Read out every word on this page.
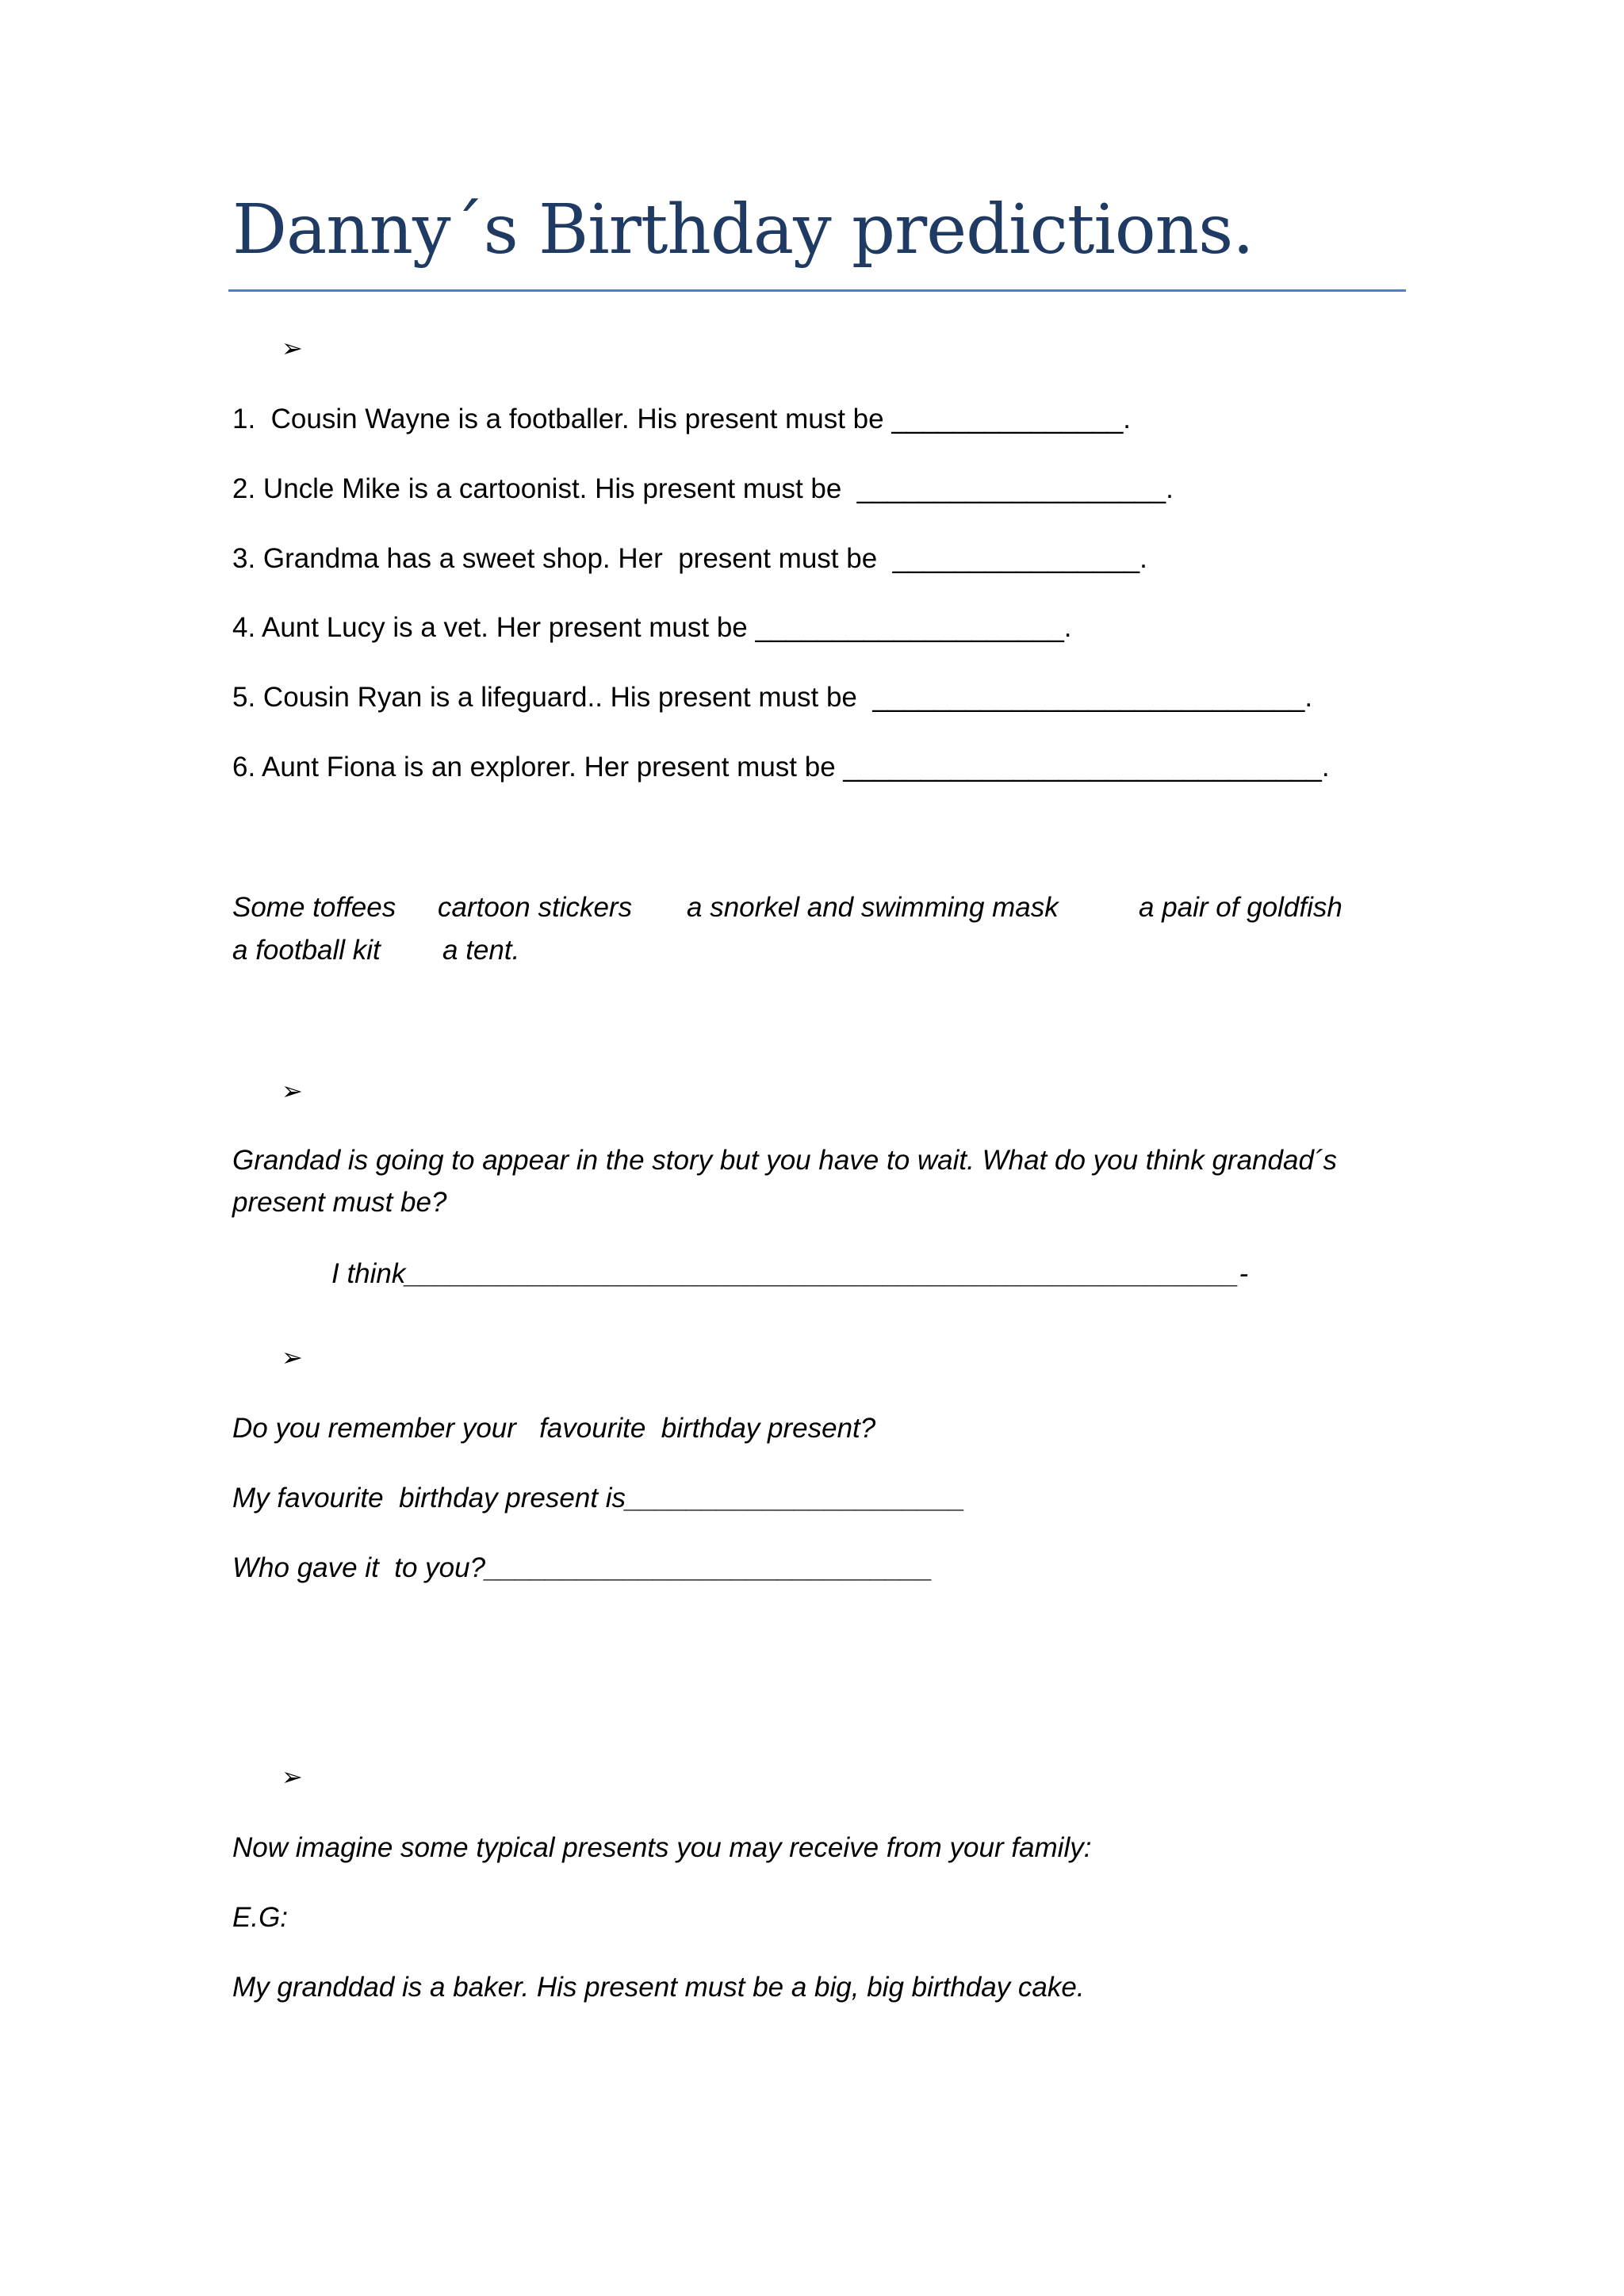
Danny´s Birthday predictions.
➢
1.  Cousin Wayne is a footballer. His present must be _______________.
2. Uncle Mike is a cartoonist. His present must be  ____________________.
3. Grandma has a sweet shop. Her  present must be  ________________.
4. Aunt Lucy is a vet. Her present must be ____________________.
5. Cousin Ryan is a lifeguard.. His present must be  ____________________________.
6. Aunt Fiona is an explorer. Her present must be _______________________________.
Some toffees cartoon stickers a snorkel and swimming mask	a pair of goldfish
a football kit a tent.
➢
Grandad is going to appear in the story but you have to wait. What do you think grandad´s
present must be?
I think______________________________________________________-
➢
Do you remember your   favourite  birthday present?
My favourite  birthday present is______________________
Who gave it  to you?_____________________________
➢
Now imagine some typical presents you may receive from your family:
E.G:
My granddad is a baker. His present must be a big, big birthday cake.
